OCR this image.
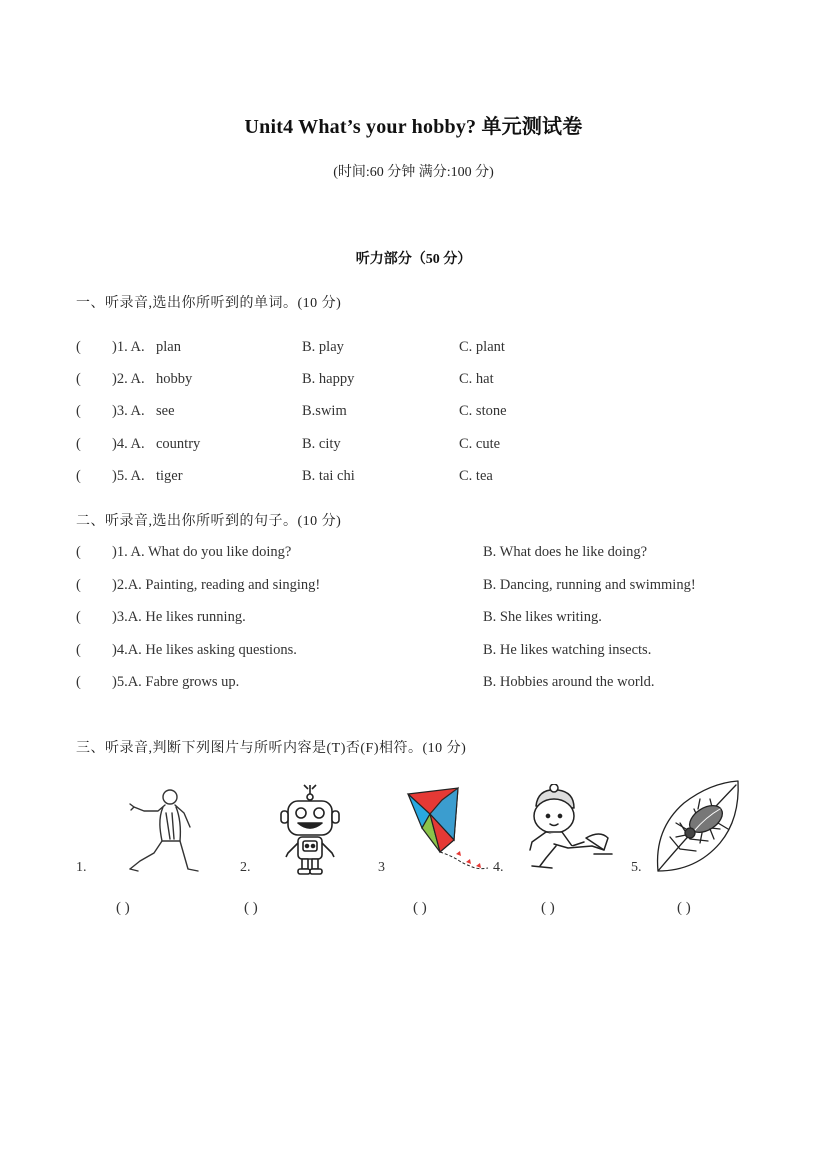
Unit4 What’s your hobby? 单元测试卷
(时间:60 分钟 满分:100 分)
听力部分（50 分）
一、听录音,选出你所听到的单词。(10 分)
( )1. A. plan	B. play	C. plant
( )2. A. hobby	B. happy	C. hat
( )3. A. see	B.swim	C. stone
( )4. A. country	B. city	C. cute
( )5. A. tiger	B. tai chi	C. tea
二、听录音,选出你所听到的句子。(10 分)
( )1. A. What do you like doing?	B. What does he like doing?
( )2.A. Painting, reading and singing!	B. Dancing, running and swimming!
( )3.A. He likes running.	B. She likes writing.
( )4.A. He likes asking questions.	B. He likes watching insects.
( )5.A. Fabre grows up.	B. Hobbies around the world.
三、听录音,判断下列图片与所听内容是(T)否(F)相符。(10 分)
1.	2.	3	4.	5.
( )	( )	( )	( )	( )
